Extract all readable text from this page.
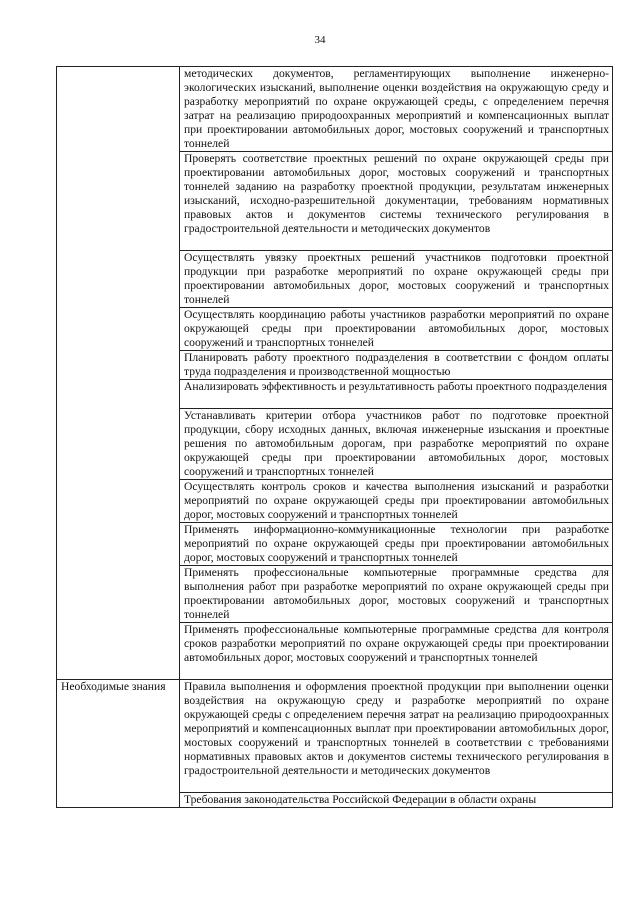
34
	методических документов, регламентирующих выполнение инженерно-экологических изысканий, выполнение оценки воздействия на окружающую среду и разработку мероприятий по охране окружающей среды, с определением перечня затрат на реализацию природоохранных мероприятий и компенсационных выплат при проектировании автомобильных дорог, мостовых сооружений и транспортных тоннелей
	Проверять соответствие проектных решений по охране окружающей среды при проектировании автомобильных дорог, мостовых сооружений и транспортных тоннелей заданию на разработку проектной продукции, результатам инженерных изысканий, исходно-разрешительной документации, требованиям нормативных правовых актов и документов системы технического регулирования в градостроительной деятельности и методических документов
	Осуществлять увязку проектных решений участников подготовки проектной продукции при разработке мероприятий по охране окружающей среды при проектировании автомобильных дорог, мостовых сооружений и транспортных тоннелей
	Осуществлять координацию работы участников разработки мероприятий по охране окружающей среды при проектировании автомобильных дорог, мостовых сооружений и транспортных тоннелей
	Планировать работу проектного подразделения в соответствии с фондом оплаты труда подразделения и производственной мощностью
	Анализировать эффективность и результативность работы проектного подразделения
	Устанавливать критерии отбора участников работ по подготовке проектной продукции, сбору исходных данных, включая инженерные изыскания и проектные решения по автомобильным дорогам, при разработке мероприятий по охране окружающей среды при проектировании автомобильных дорог, мостовых сооружений и транспортных тоннелей
	Осуществлять контроль сроков и качества выполнения изысканий и разработки мероприятий по охране окружающей среды при проектировании автомобильных дорог, мостовых сооружений и транспортных тоннелей
	Применять информационно-коммуникационные технологии при разработке мероприятий по охране окружающей среды при проектировании автомобильных дорог, мостовых сооружений и транспортных тоннелей
	Применять профессиональные компьютерные программные средства для выполнения работ при разработке мероприятий по охране окружающей среды при проектировании автомобильных дорог, мостовых сооружений и транспортных тоннелей
	Применять профессиональные компьютерные программные средства для контроля сроков разработки мероприятий по охране окружающей среды при проектировании автомобильных дорог, мостовых сооружений и транспортных тоннелей
Необходимые знания	Правила выполнения и оформления проектной продукции при выполнении оценки воздействия на окружающую среду и разработке мероприятий по охране окружающей среды с определением перечня затрат на реализацию природоохранных мероприятий и компенсационных выплат при проектировании автомобильных дорог, мостовых сооружений и транспортных тоннелей в соответствии с требованиями нормативных правовых актов и документов системы технического регулирования в градостроительной деятельности и методических документов
	Требования законодательства Российской Федерации в области охраны
